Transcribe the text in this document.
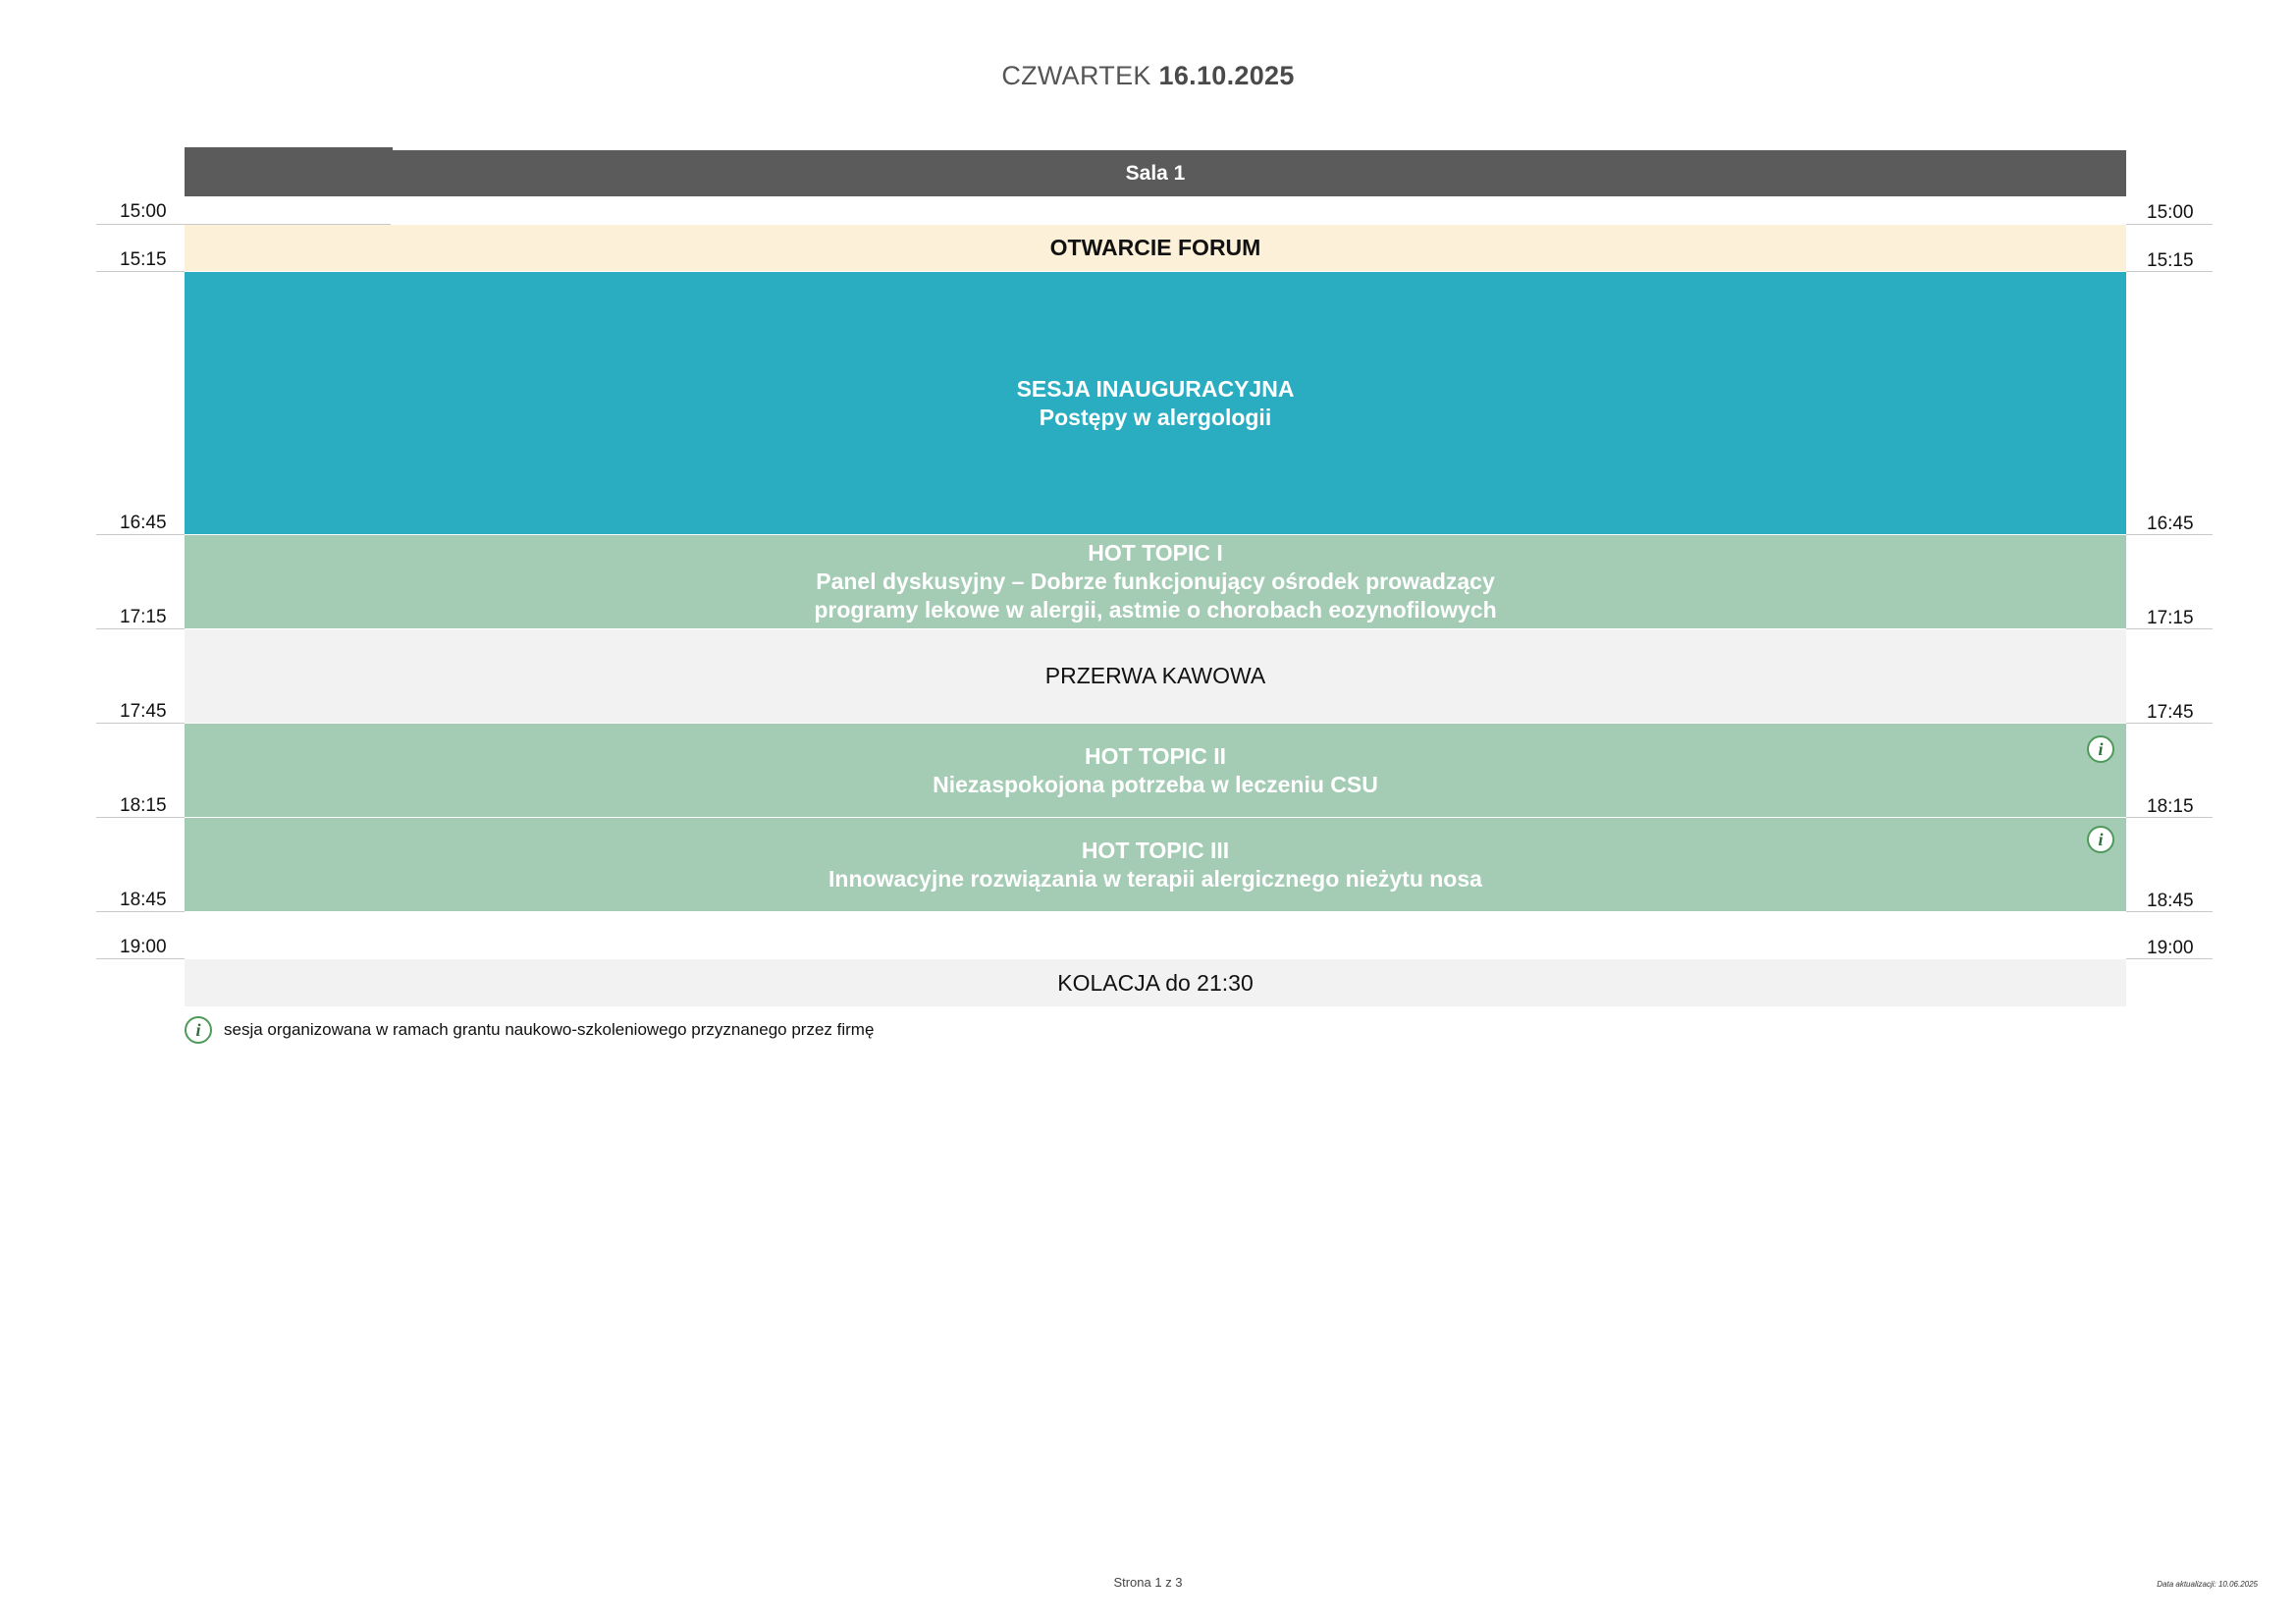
CZWARTEK 16.10.2025
Sala 1
15:00
15:15
16:45
17:15
17:45
18:15
18:45
19:00
15:00
15:15
16:45
17:15
17:45
18:15
18:45
19:00
OTWARCIE FORUM
SESJA INAUGURACYJNA
Postępy w alergologii
HOT TOPIC I
Panel dyskusyjny – Dobrze funkcjonujący ośrodek prowadzący
programy lekowe w alergii, astmie o chorobach eozynofilowych
PRZERWA KAWOWA
HOT TOPIC II
Niezaspokojona potrzeba w leczeniu CSU
i
HOT TOPIC III
Innowacyjne rozwiązania w terapii alergicznego nieżytu nosa
i
KOLACJA do 21:30
i	sesja organizowana w ramach grantu naukowo-szkoleniowego przyznanego przez firmę
Strona 1 z 3	Data aktualizacji: 10.06.2025
